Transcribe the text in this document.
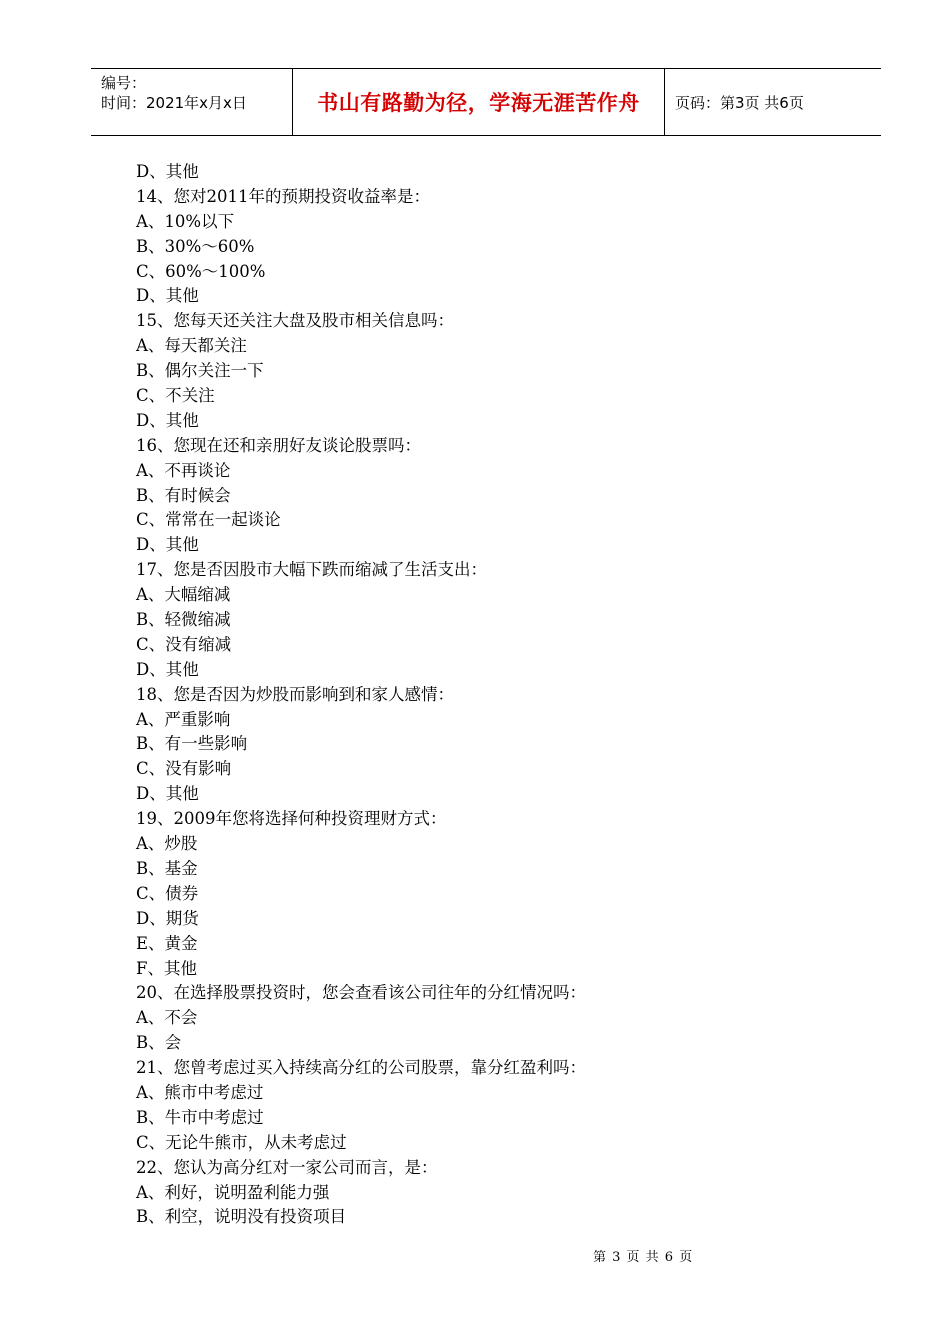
编号：
时间：2021年x月x日	书山有路勤为径，学海无涯苦作舟	页码：第3页 共6页
D、其他
14、您对2011年的预期投资收益率是：
A、10%以下
B、30%～60%
C、60%～100%
D、其他
15、您每天还关注大盘及股市相关信息吗：
A、每天都关注
B、偶尔关注一下
C、不关注
D、其他
16、您现在还和亲朋好友谈论股票吗：
A、不再谈论
B、有时候会
C、常常在一起谈论
D、其他
17、您是否因股市大幅下跌而缩减了生活支出：
A、大幅缩减
B、轻微缩减
C、没有缩减
D、其他
18、您是否因为炒股而影响到和家人感情：
A、严重影响
B、有一些影响
C、没有影响
D、其他
19、2009年您将选择何种投资理财方式：
A、炒股
B、基金
C、债券
D、期货
E、黄金
F、其他
20、在选择股票投资时，您会查看该公司往年的分红情况吗：
A、不会
B、会
21、您曾考虑过买入持续高分红的公司股票，靠分红盈利吗：
A、熊市中考虑过
B、牛市中考虑过
C、无论牛熊市，从未考虑过
22、您认为高分红对一家公司而言，是：
A、利好，说明盈利能力强
B、利空，说明没有投资项目
第 3 页 共 6 页
